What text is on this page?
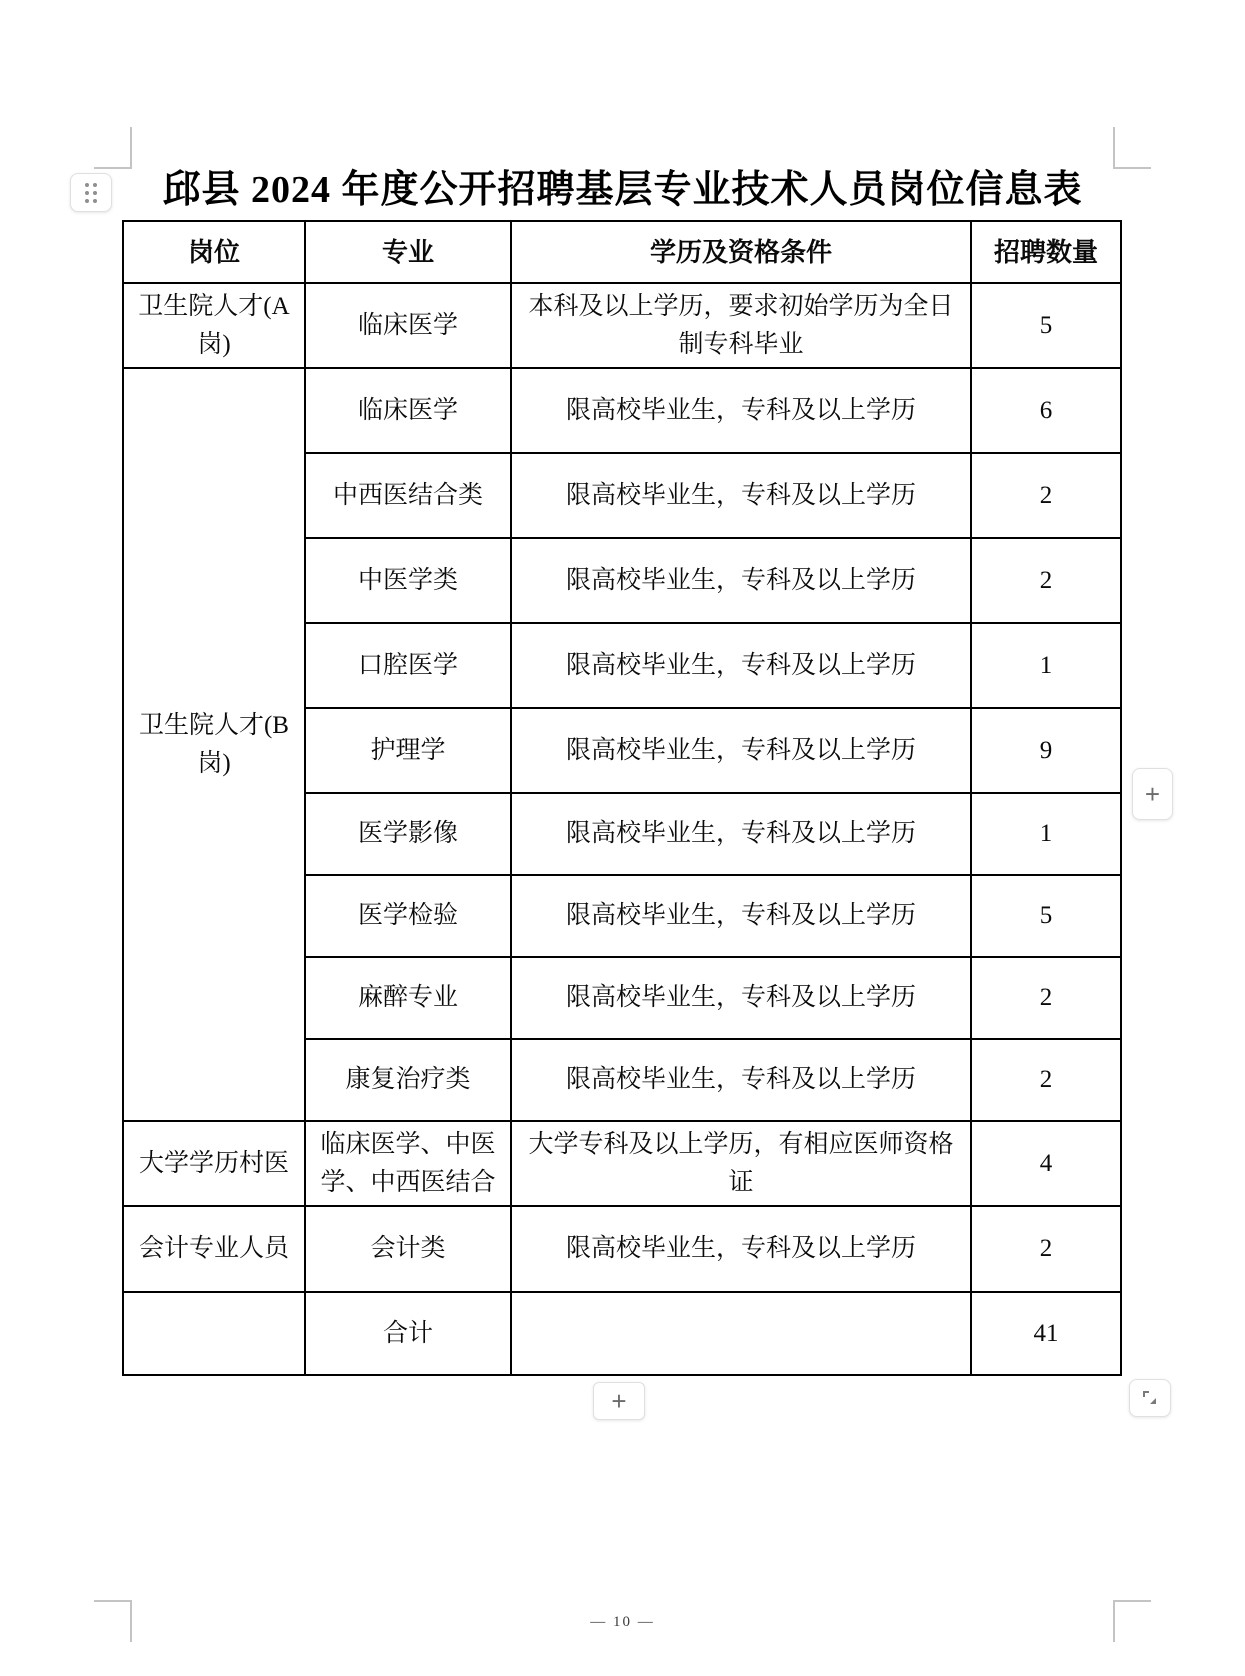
邱县 2024 年度公开招聘基层专业技术人员岗位信息表
岗位	专业	学历及资格条件	招聘数量
卫生院人才(A岗)	临床医学	本科及以上学历，要求初始学历为全日制专科毕业	5
卫生院人才(B岗)	临床医学	限高校毕业生，专科及以上学历	6
	中西医结合类	限高校毕业生，专科及以上学历	2
	中医学类	限高校毕业生，专科及以上学历	2
	口腔医学	限高校毕业生，专科及以上学历	1
	护理学	限高校毕业生，专科及以上学历	9
	医学影像	限高校毕业生，专科及以上学历	1
	医学检验	限高校毕业生，专科及以上学历	5
	麻醉专业	限高校毕业生，专科及以上学历	2
	康复治疗类	限高校毕业生，专科及以上学历	2
大学学历村医	临床医学、中医学、中西医结合	大学专科及以上学历，有相应医师资格证	4
会计专业人员	会计类	限高校毕业生，专科及以上学历	2
	合计		41
+
+
— 10 —
